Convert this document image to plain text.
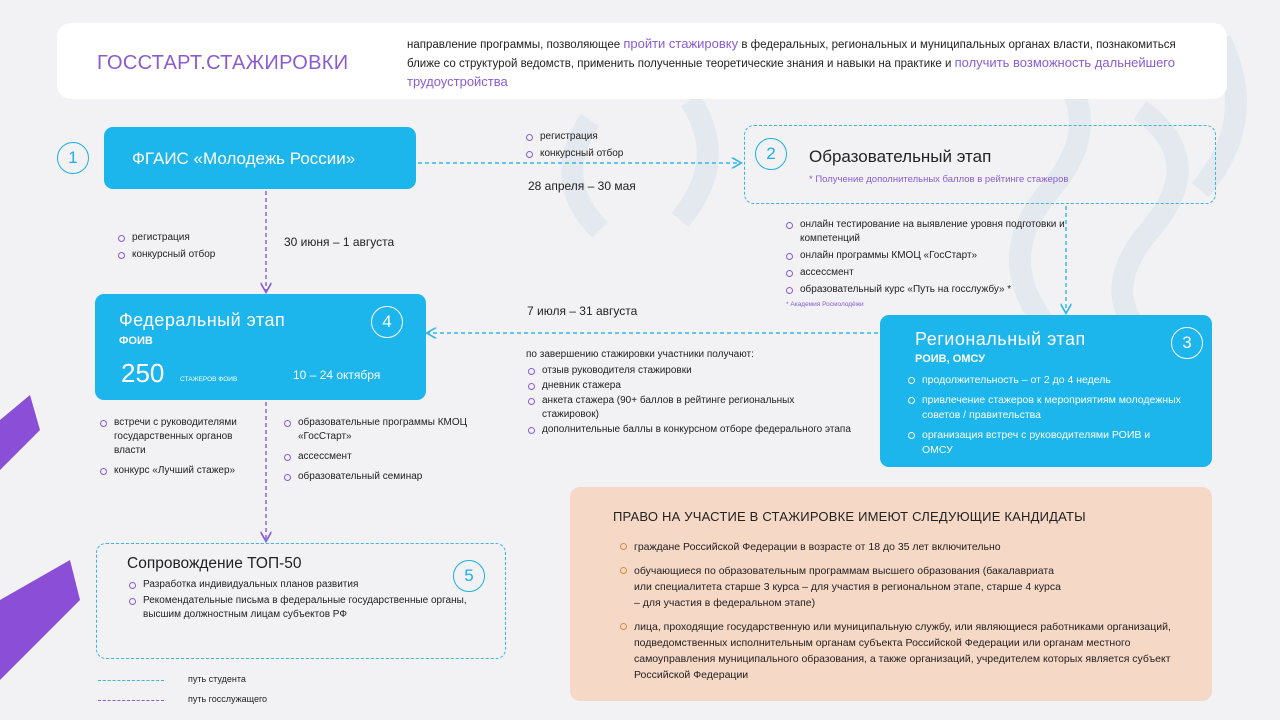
ГОССТАРТ.СТАЖИРОВКИ
направление программы, позволяющее пройти стажировку в федеральных, региональных и муниципальных органах власти, познакомиться ближе со структурой ведомств, применить полученные теоретические знания и навыки на практике и получить возможность дальнейшего трудоустройства
1	ФГАИС «Молодежь России»	2	Образовательный этап
* Получение дополнительных баллов в рейтинге стажеров
регистрация
конкурсный отбор
28 апреля – 30 мая
регистрация
конкурсный отбор
30 июня – 1 августа
онлайн тестирование на выявление уровня подготовки и компетенций
онлайн программы КМОЦ «ГосСтарт»
ассессмент
образовательный курс «Путь на госслужбу» *
* Академия Росмолодёжи
Федеральный этап
ФОИВ
250 СТАЖЕРОВ ФОИВ	10 – 24 октября
4
7 июля – 31 августа
по завершению стажировки участники получают:
отзыв руководителя стажировки
дневник стажера
анкета стажера (90+ баллов в рейтинге региональных стажировок)
дополнительные баллы в конкурсном отборе федерального этапа
Региональный этап
РОИВ, ОМСУ
3
продолжительность – от 2 до 4 недель
привлечение стажеров к мероприятиям молодежных советов / правительства
организация встреч с руководителями РОИВ и ОМСУ
встречи с руководителями государственных органов власти
конкурс «Лучший стажер»
образовательные программы КМОЦ «ГосСтарт»
ассессмент
образовательный семинар
Сопровождение ТОП-50
Разработка индивидуальных планов развития
Рекомендательные письма в федеральные государственные органы, высшим должностным лицам субъектов РФ
5
ПРАВО НА УЧАСТИЕ В СТАЖИРОВКЕ ИМЕЮТ СЛЕДУЮЩИЕ КАНДИДАТЫ
граждане Российской Федерации в возрасте от 18 до 35 лет включительно
обучающиеся по образовательным программам высшего образования (бакалавриата или специалитета старше 3 курса – для участия в региональном этапе, старше 4 курса – для участия в федеральном этапе)
лица, проходящие государственную или муниципальную службу, или являющиеся работниками организаций, подведомственных исполнительным органам субъекта Российской Федерации или органам местного самоуправления муниципального образования, а также организаций, учредителем которых является субъект Российской Федерации
путь студента
путь госслужащего
